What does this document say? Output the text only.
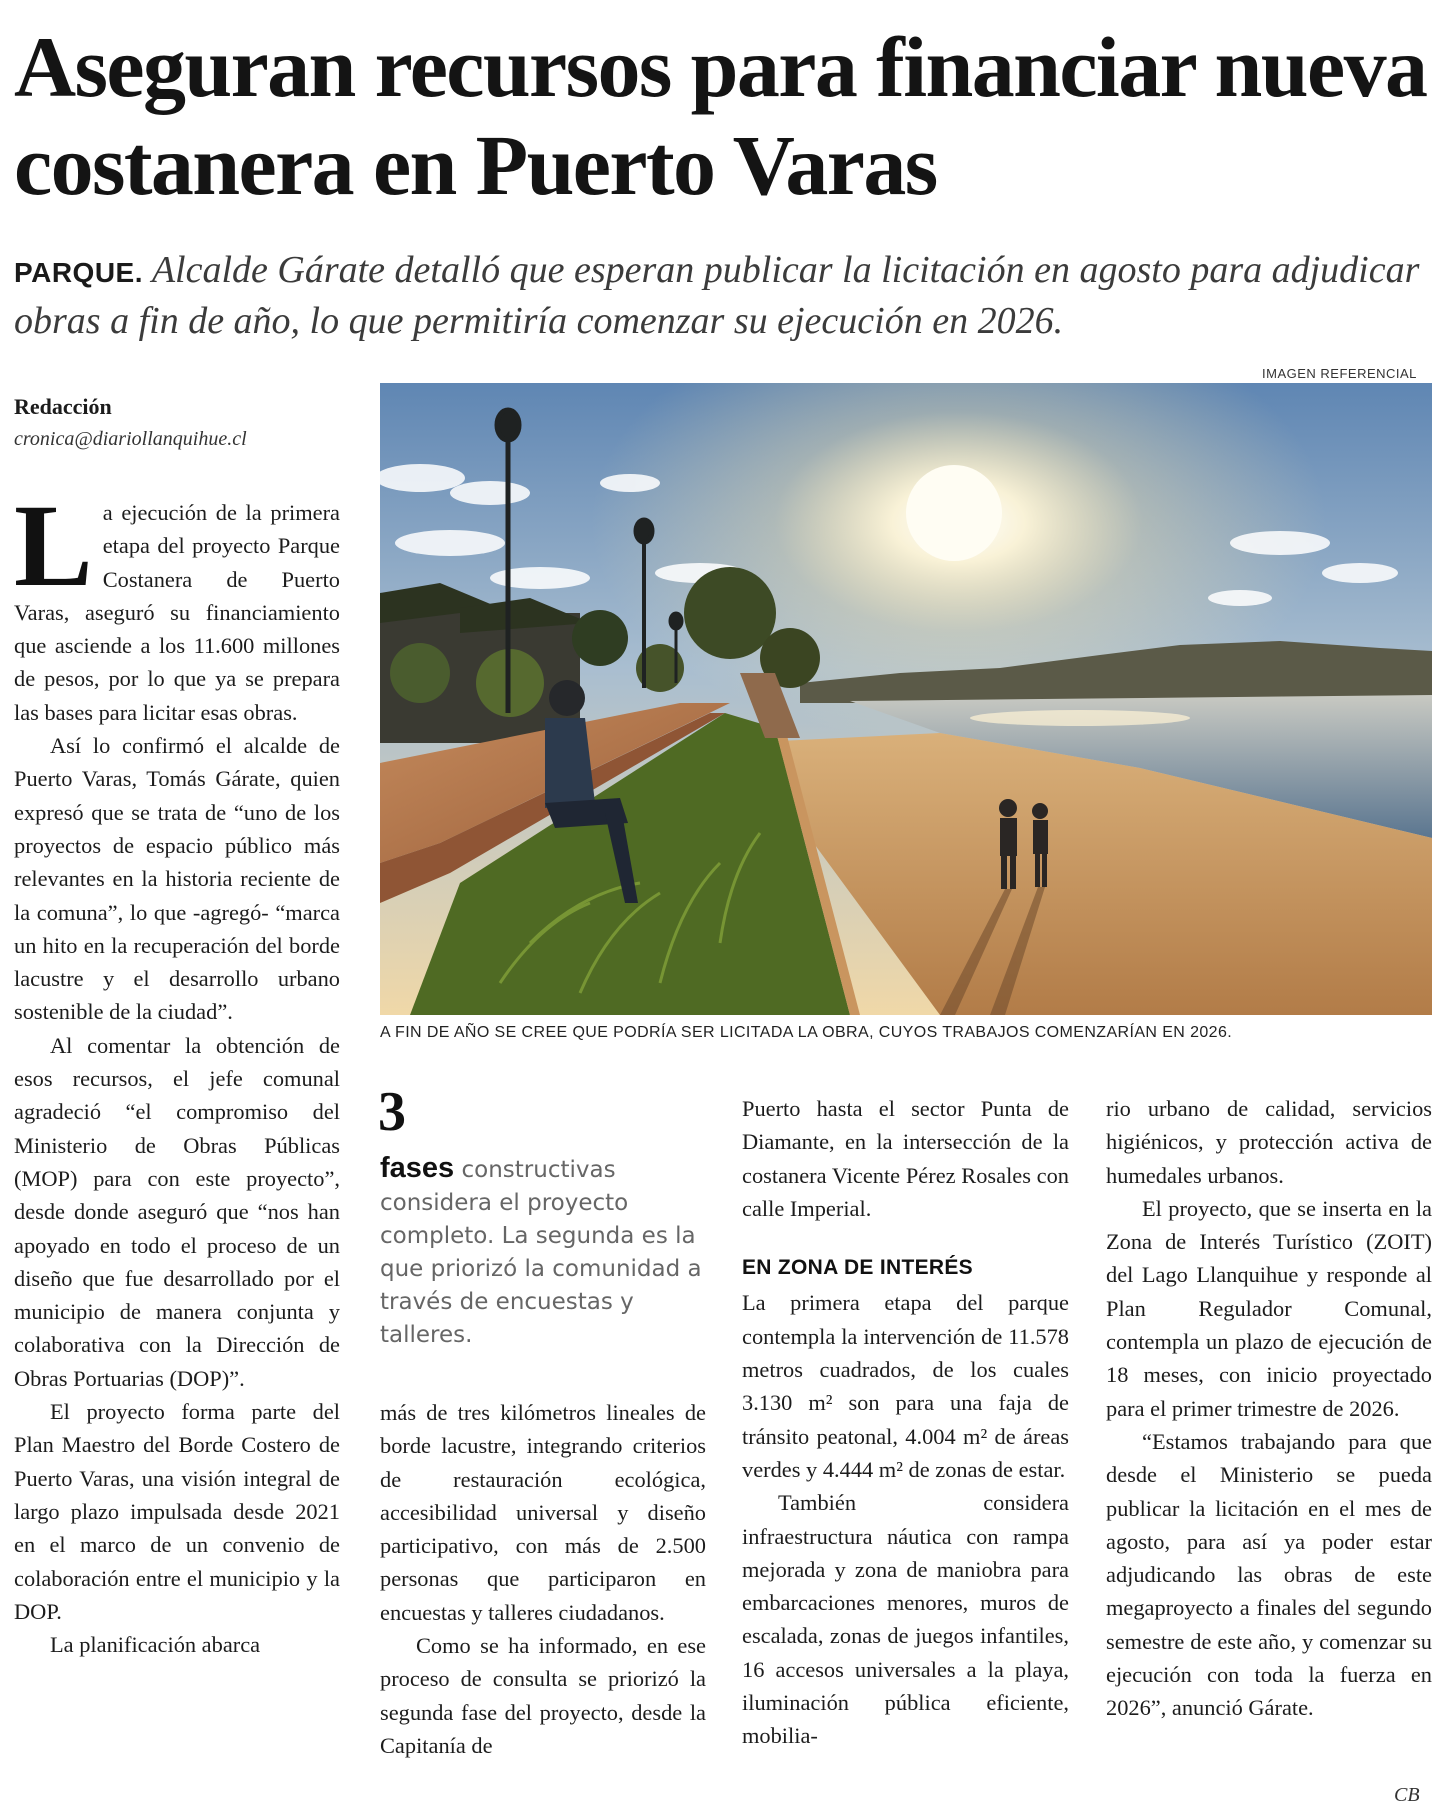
Aseguran recursos para financiar nueva costanera en Puerto Varas
PARQUE. Alcalde Gárate detalló que esperan publicar la licitación en agosto para adjudicar obras a fin de año, lo que permitiría comenzar su ejecución en 2026.
Redacción
cronica@diariollanquihue.cl
L a ejecución de la primera etapa del proyecto Parque Costanera de Puerto Varas, aseguró su financiamiento que asciende a los 11.600 millones de pesos, por lo que ya se prepara las bases para licitar esas obras.

Así lo confirmó el alcalde de Puerto Varas, Tomás Gárate, quien expresó que se trata de “uno de los proyectos de espacio público más relevantes en la historia reciente de la comuna”, lo que -agregó- “marca un hito en la recuperación del borde lacustre y el desarrollo urbano sostenible de la ciudad”.

Al comentar la obtención de esos recursos, el jefe comunal agradeció “el compromiso del Ministerio de Obras Públicas (MOP) para con este proyecto”, desde donde aseguró que “nos han apoyado en todo el proceso de un diseño que fue desarrollado por el municipio de manera conjunta y colaborativa con la Dirección de Obras Portuarias (DOP)”.

El proyecto forma parte del Plan Maestro del Borde Costero de Puerto Varas, una visión integral de largo plazo impulsada desde 2021 en el marco de un convenio de colaboración entre el municipio y la DOP.

La planificación abarca

IMAGEN REFERENCIAL
A FIN DE AÑO SE CREE QUE PODRÍA SER LICITADA LA OBRA, CUYOS TRABAJOS COMENZARÍAN EN 2026.
3
fases constructivas considera el proyecto completo. La segunda es la que priorizó la comunidad a través de encuestas y talleres.

más de tres kilómetros lineales de borde lacustre, integrando criterios de restauración ecológica, accesibilidad universal y diseño participativo, con más de 2.500 personas que participaron en encuestas y talleres ciudadanos.

Como se ha informado, en ese proceso de consulta se priorizó la segunda fase del proyecto, desde la Capitanía de

Puerto hasta el sector Punta de Diamante, en la intersección de la costanera Vicente Pérez Rosales con calle Imperial.

EN ZONA DE INTERÉS

La primera etapa del parque contempla la intervención de 11.578 metros cuadrados, de los cuales 3.130 m² son para una faja de tránsito peatonal, 4.004 m² de áreas verdes y 4.444 m² de zonas de estar.

También considera infraestructura náutica con rampa mejorada y zona de maniobra para embarcaciones menores, muros de escalada, zonas de juegos infantiles, 16 accesos universales a la playa, iluminación pública eficiente, mobilia-

rio urbano de calidad, servicios higiénicos, y protección activa de humedales urbanos.

El proyecto, que se inserta en la Zona de Interés Turístico (ZOIT) del Lago Llanquihue y responde al Plan Regulador Comunal, contempla un plazo de ejecución de 18 meses, con inicio proyectado para el primer trimestre de 2026.

“Estamos trabajando para que desde el Ministerio se pueda publicar la licitación en el mes de agosto, para así ya poder estar adjudicando las obras de este megaproyecto a finales del segundo semestre de este año, y comenzar su ejecución con toda la fuerza en 2026”, anunció Gárate.

CB
